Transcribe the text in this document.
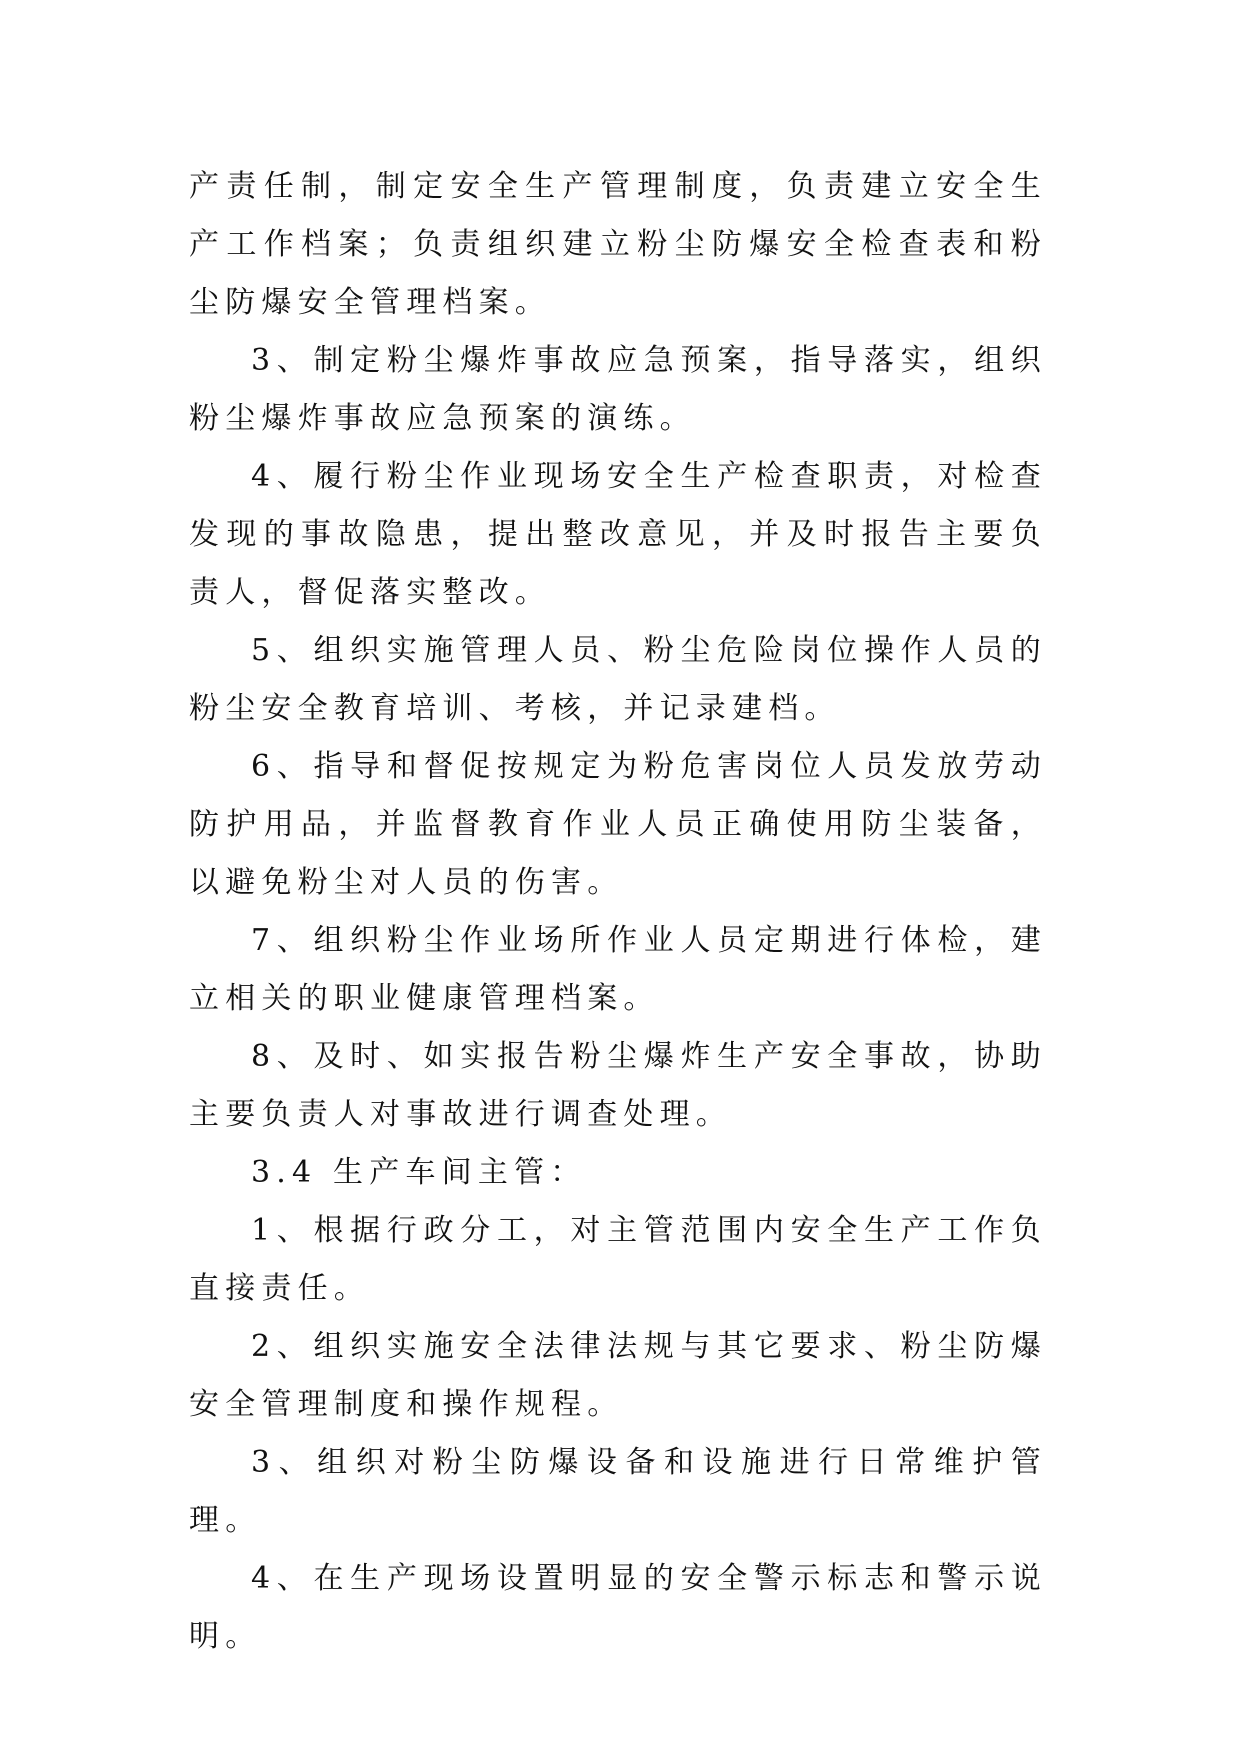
产责任制，制定安全生产管理制度，负责建立安全生产工作档案；负责组织建立粉尘防爆安全检查表和粉尘防爆安全管理档案。

3、制定粉尘爆炸事故应急预案，指导落实，组织粉尘爆炸事故应急预案的演练。

4、履行粉尘作业现场安全生产检查职责，对检查发现的事故隐患，提出整改意见，并及时报告主要负责人，督促落实整改。

5、组织实施管理人员、粉尘危险岗位操作人员的粉尘安全教育培训、考核，并记录建档。

6、指导和督促按规定为粉危害岗位人员发放劳动防护用品，并监督教育作业人员正确使用防尘装备，以避免粉尘对人员的伤害。

7、组织粉尘作业场所作业人员定期进行体检，建立相关的职业健康管理档案。

8、及时、如实报告粉尘爆炸生产安全事故，协助主要负责人对事故进行调查处理。

3.4 生产车间主管：

1、根据行政分工，对主管范围内安全生产工作负直接责任。

2、组织实施安全法律法规与其它要求、粉尘防爆安全管理制度和操作规程。

3、组织对粉尘防爆设备和设施进行日常维护管理。

4、在生产现场设置明显的安全警示标志和警示说明。
